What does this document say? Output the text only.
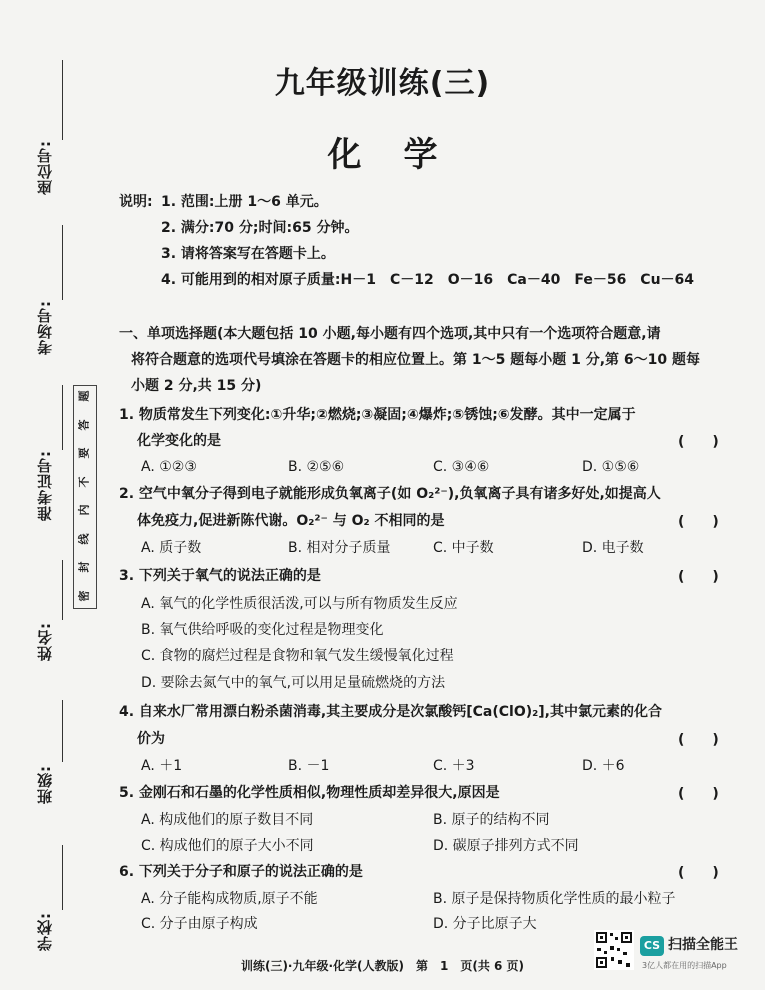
座位号:
考场号:
准考证号:
姓名:
班级:
学校:
密
封
线
内
不
要
答
题
九年级训练(三)
化学
说明: 1. 范围:上册 1～6 单元。
2. 满分:70 分;时间:65 分钟。
3. 请将答案写在答题卡上。
4. 可能用到的相对原子质量:H－1　C－12　O－16　Ca－40　Fe－56　Cu－64
一、单项选择题(本大题包括 10 小题,每小题有四个选项,其中只有一个选项符合题意,请
将符合题意的选项代号填涂在答题卡的相应位置上。第 1～5 题每小题 1 分,第 6～10 题每
小题 2 分,共 15 分)
1. 物质常发生下列变化:①升华;②燃烧;③凝固;④爆炸;⑤锈蚀;⑥发酵。其中一定属于
化学变化的是	(　　)
A. ①②③	B. ②⑤⑥	C. ③④⑥	D. ①⑤⑥
2. 空气中氧分子得到电子就能形成负氧离子(如 O₂²⁻),负氧离子具有诸多好处,如提高人
体免疫力,促进新陈代谢。O₂²⁻ 与 O₂ 不相同的是	(　　)
A. 质子数	B. 相对分子质量	C. 中子数	D. 电子数
3. 下列关于氧气的说法正确的是	(　　)
A. 氧气的化学性质很活泼,可以与所有物质发生反应
B. 氧气供给呼吸的变化过程是物理变化
C. 食物的腐烂过程是食物和氧气发生缓慢氧化过程
D. 要除去氮气中的氧气,可以用足量硫燃烧的方法
4. 自来水厂常用漂白粉杀菌消毒,其主要成分是次氯酸钙[Ca(ClO)₂],其中氯元素的化合
价为	(　　)
A. ＋1	B. －1	C. ＋3	D. ＋6
5. 金刚石和石墨的化学性质相似,物理性质却差异很大,原因是	(　　)
A. 构成他们的原子数目不同	B. 原子的结构不同
C. 构成他们的原子大小不同	D. 碳原子排列方式不同
6. 下列关于分子和原子的说法正确的是	(　　)
A. 分子能构成物质,原子不能	B. 原子是保持物质化学性质的最小粒子
C. 分子由原子构成	D. 分子比原子大
训练(三)·九年级·化学(人教版)　第　1　页(共 6 页)
CS 扫描全能王
3亿人都在用的扫描App
